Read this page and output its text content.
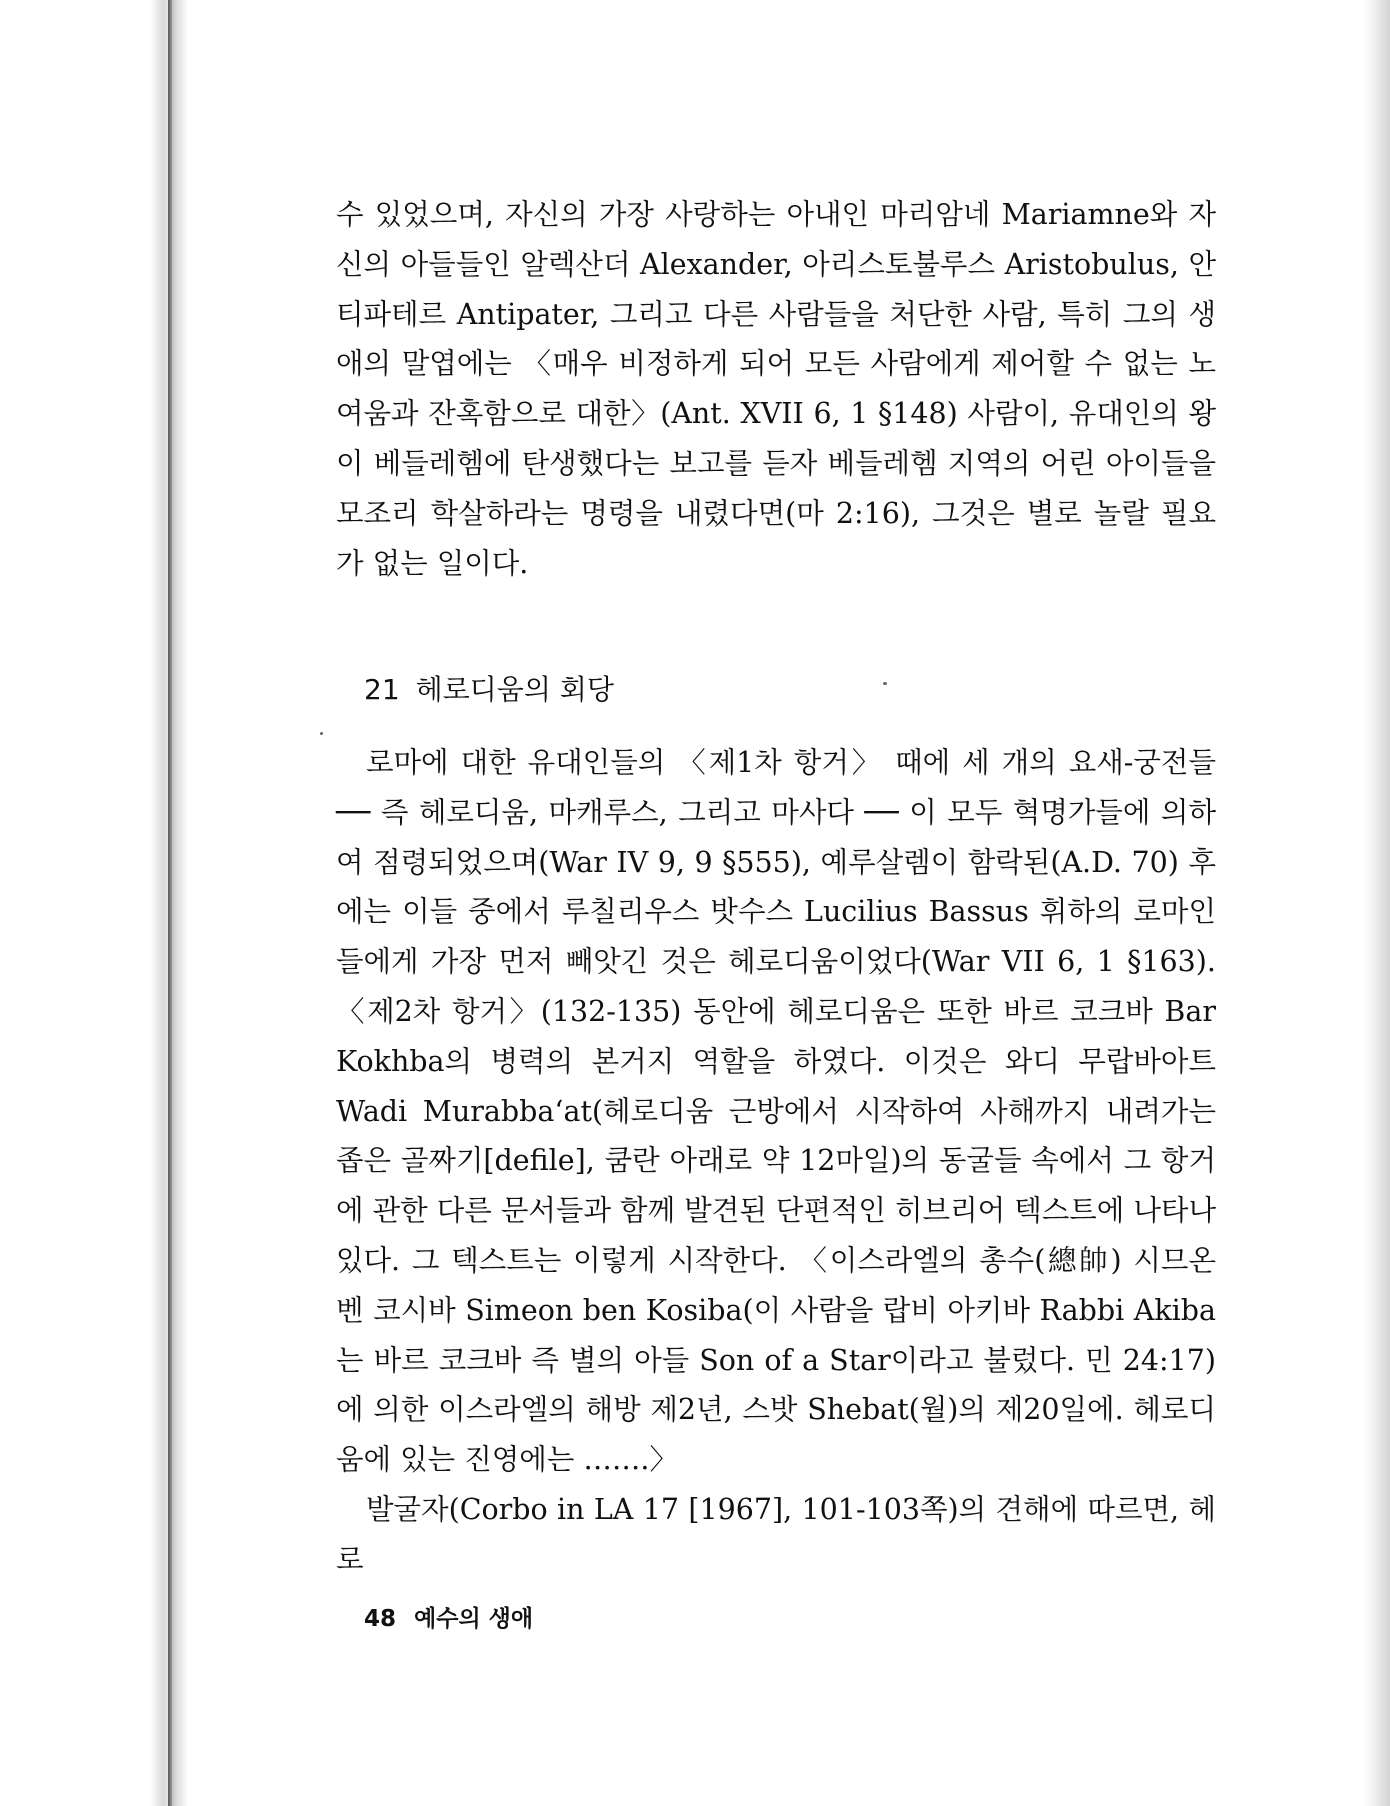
수 있었으며, 자신의 가장 사랑하는 아내인 마리암네 Mariamne와 자신의 아들들인 알렉산더 Alexander, 아리스토불루스 Aristobulus, 안티파테르 Antipater, 그리고 다른 사람들을 처단한 사람, 특히 그의 생애의 말엽에는 〈매우 비정하게 되어 모든 사람에게 제어할 수 없는 노여움과 잔혹함으로 대한〉(Ant. XVII 6, 1 §148) 사람이, 유대인의 왕이 베들레헴에 탄생했다는 보고를 듣자 베들레헴 지역의 어린 아이들을 모조리 학살하라는 명령을 내렸다면(마 2:16), 그것은 별로 놀랄 필요가 없는 일이다.

21 헤로디움의 회당

로마에 대한 유대인들의 〈제1차 항거〉 때에 세 개의 요새-궁전들 ── 즉 헤로디움, 마캐루스, 그리고 마사다 ── 이 모두 혁명가들에 의하여 점령되었으며(War IV 9, 9 §555), 예루살렘이 함락된(A.D. 70) 후에는 이들 중에서 루칠리우스 밧수스 Lucilius Bassus 휘하의 로마인들에게 가장 먼저 빼앗긴 것은 헤로디움이었다(War VII 6, 1 §163). 〈제2차 항거〉(132-135) 동안에 헤로디움은 또한 바르 코크바 Bar Kokhba의 병력의 본거지 역할을 하였다. 이것은 와디 무랍바아트 Wadi Murabba‘at(헤로디움 근방에서 시작하여 사해까지 내려가는 좁은 골짜기[defile], 쿰란 아래로 약 12마일)의 동굴들 속에서 그 항거에 관한 다른 문서들과 함께 발견된 단편적인 히브리어 텍스트에 나타나 있다. 그 텍스트는 이렇게 시작한다. 〈이스라엘의 총수(總帥) 시므온 벤 코시바 Simeon ben Kosiba(이 사람을 랍비 아키바 Rabbi Akiba는 바르 코크바 즉 별의 아들 Son of a Star이라고 불렀다. 민 24:17)에 의한 이스라엘의 해방 제2년, 스밧 Shebat(월)의 제20일에. 헤로디움에 있는 진영에는 …….〉

발굴자(Corbo in LA 17 [1967], 101-103쪽)의 견해에 따르면, 헤로

48 예수의 생애
